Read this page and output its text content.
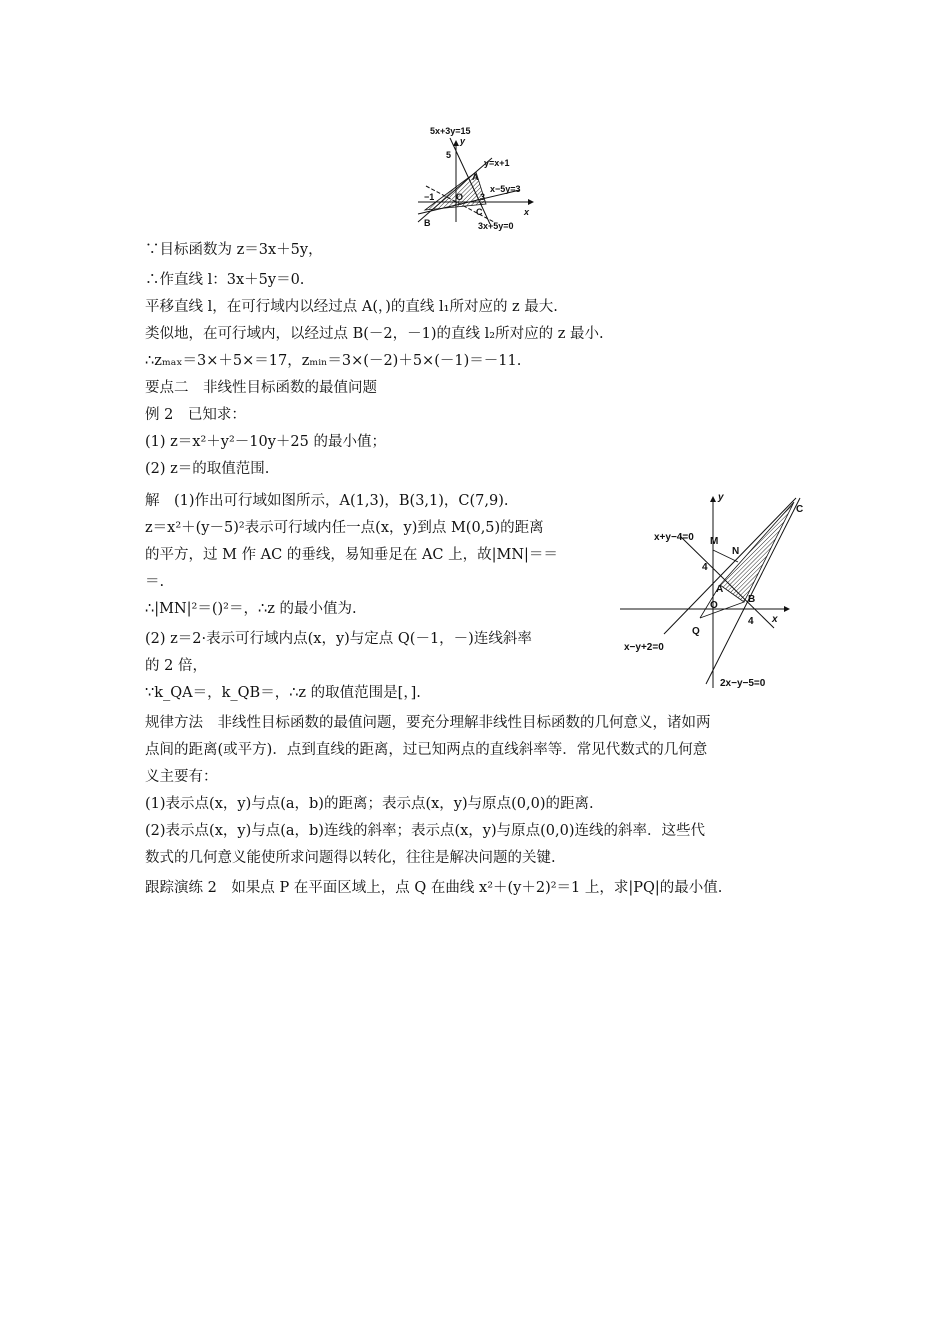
5x+3y=15
y
5
y=x+1
A
x−5y=3
−1 O 3
x
C
B	3x+5y=0
y
C
x+y−4=0 M
N
4
A
O
B
Q
4 x
x−y+2=0
2x−y−5=0
∵目标函数为 z＝3x＋5y，
∴作直线 l：3x＋5y＝0.
平移直线 l，在可行域内以经过点 A(，)的直线 l₁所对应的 z 最大.
类似地，在可行域内，以经过点 B(－2，－1)的直线 l₂所对应的 z 最小.
∴zₘₐₓ＝3×＋5×＝17，zₘᵢₙ＝3×(－2)＋5×(－1)＝－11.
要点二　非线性目标函数的最值问题
例 2　已知求：
(1) z＝x²＋y²－10y＋25 的最小值；
(2) z＝的取值范围.
解　(1)作出可行域如图所示，A(1,3)，B(3,1)，C(7,9).
z＝x²＋(y－5)²表示可行域内任一点(x，y)到点 M(0,5)的距离
的平方，过 M 作 AC 的垂线，易知垂足在 AC 上，故|MN|＝＝
＝.
∴|MN|²＝()²＝，∴z 的最小值为.
(2) z＝2·表示可行域内点(x，y)与定点 Q(－1，－)连线斜率
的 2 倍，
∵k_QA＝，k_QB＝，∴z 的取值范围是[，].
规律方法　非线性目标函数的最值问题，要充分理解非线性目标函数的几何意义，诸如两
点间的距离(或平方)．点到直线的距离，过已知两点的直线斜率等．常见代数式的几何意
义主要有：
(1)表示点(x，y)与点(a，b)的距离；表示点(x，y)与原点(0,0)的距离.
(2)表示点(x，y)与点(a，b)连线的斜率；表示点(x，y)与原点(0,0)连线的斜率．这些代
数式的几何意义能使所求问题得以转化，往往是解决问题的关键.
跟踪演练 2　如果点 P 在平面区域上，点 Q 在曲线 x²＋(y＋2)²＝1 上，求|PQ|的最小值.
